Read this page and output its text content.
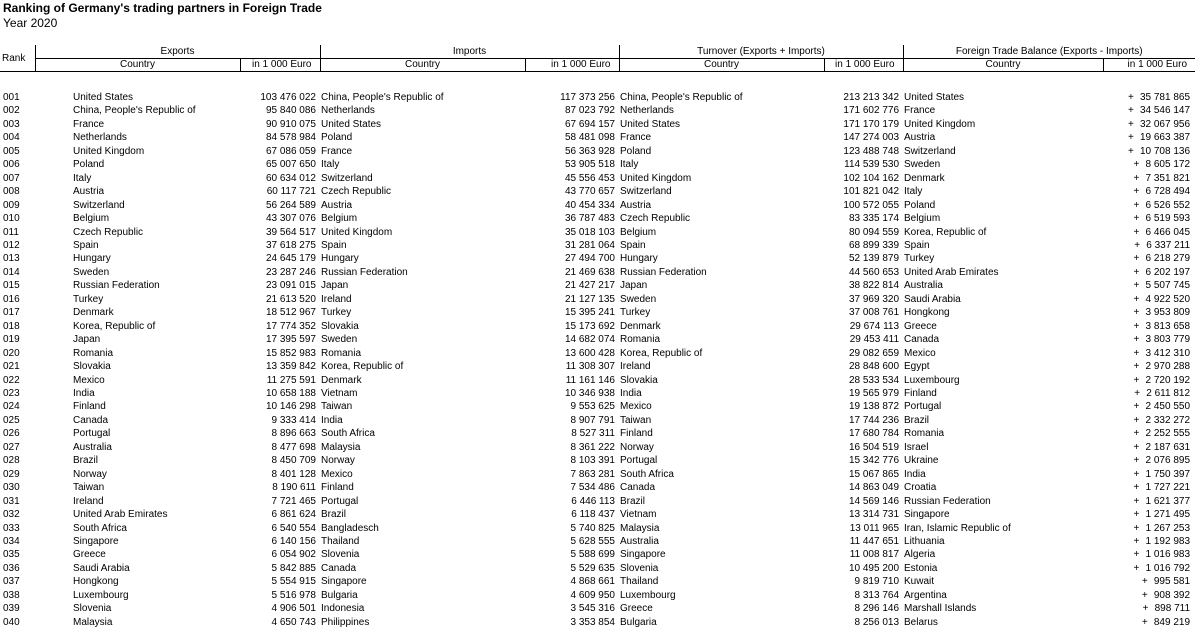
Ranking of Germany's trading partners in Foreign Trade
Year 2020
Rank	Exports		Imports		Turnover (Exports + Imports)		Foreign Trade Balance (Exports - Imports)	
	Country	in 1 000 Euro	Country	in 1 000 Euro	Country	in 1 000 Euro	Country	in 1 000 Euro

001	United States	103 476 022	China, People's Republic of	117 373 256	China, People's Republic of	213 213 342	United States	+ 35 781 865
002	China, People's Republic of	95 840 086	Netherlands	87 023 792	Netherlands	171 602 776	France	+ 34 546 147
003	France	90 910 075	United States	67 694 157	United States	171 170 179	United Kingdom	+ 32 067 956
004	Netherlands	84 578 984	Poland	58 481 098	France	147 274 003	Austria	+ 19 663 387
005	United Kingdom	67 086 059	France	56 363 928	Poland	123 488 748	Switzerland	+ 10 708 136
006	Poland	65 007 650	Italy	53 905 518	Italy	114 539 530	Sweden	+ 8 605 172
007	Italy	60 634 012	Switzerland	45 556 453	United Kingdom	102 104 162	Denmark	+ 7 351 821
008	Austria	60 117 721	Czech Republic	43 770 657	Switzerland	101 821 042	Italy	+ 6 728 494
009	Switzerland	56 264 589	Austria	40 454 334	Austria	100 572 055	Poland	+ 6 526 552
010	Belgium	43 307 076	Belgium	36 787 483	Czech Republic	83 335 174	Belgium	+ 6 519 593
011	Czech Republic	39 564 517	United Kingdom	35 018 103	Belgium	80 094 559	Korea, Republic of	+ 6 466 045
012	Spain	37 618 275	Spain	31 281 064	Spain	68 899 339	Spain	+ 6 337 211
013	Hungary	24 645 179	Hungary	27 494 700	Hungary	52 139 879	Turkey	+ 6 218 279
014	Sweden	23 287 246	Russian Federation	21 469 638	Russian Federation	44 560 653	United Arab Emirates	+ 6 202 197
015	Russian Federation	23 091 015	Japan	21 427 217	Japan	38 822 814	Australia	+ 5 507 745
016	Turkey	21 613 520	Ireland	21 127 135	Sweden	37 969 320	Saudi Arabia	+ 4 922 520
017	Denmark	18 512 967	Turkey	15 395 241	Turkey	37 008 761	Hongkong	+ 3 953 809
018	Korea, Republic of	17 774 352	Slovakia	15 173 692	Denmark	29 674 113	Greece	+ 3 813 658
019	Japan	17 395 597	Sweden	14 682 074	Romania	29 453 411	Canada	+ 3 803 779
020	Romania	15 852 983	Romania	13 600 428	Korea, Republic of	29 082 659	Mexico	+ 3 412 310
021	Slovakia	13 359 842	Korea, Republic of	11 308 307	Ireland	28 848 600	Egypt	+ 2 970 288
022	Mexico	11 275 591	Denmark	11 161 146	Slovakia	28 533 534	Luxembourg	+ 2 720 192
023	India	10 658 188	Vietnam	10 346 938	India	19 565 979	Finland	+ 2 611 812
024	Finland	10 146 298	Taiwan	9 553 625	Mexico	19 138 872	Portugal	+ 2 450 550
025	Canada	9 333 414	India	8 907 791	Taiwan	17 744 236	Brazil	+ 2 332 272
026	Portugal	8 896 663	South Africa	8 527 311	Finland	17 680 784	Romania	+ 2 252 555
027	Australia	8 477 698	Malaysia	8 361 222	Norway	16 504 519	Israel	+ 2 187 631
028	Brazil	8 450 709	Norway	8 103 391	Portugal	15 342 776	Ukraine	+ 2 076 895
029	Norway	8 401 128	Mexico	7 863 281	South Africa	15 067 865	India	+ 1 750 397
030	Taiwan	8 190 611	Finland	7 534 486	Canada	14 863 049	Croatia	+ 1 727 221
031	Ireland	7 721 465	Portugal	6 446 113	Brazil	14 569 146	Russian Federation	+ 1 621 377
032	United Arab Emirates	6 861 624	Brazil	6 118 437	Vietnam	13 314 731	Singapore	+ 1 271 495
033	South Africa	6 540 554	Bangladesch	5 740 825	Malaysia	13 011 965	Iran, Islamic Republic of	+ 1 267 253
034	Singapore	6 140 156	Thailand	5 628 555	Australia	11 447 651	Lithuania	+ 1 192 983
035	Greece	6 054 902	Slovenia	5 588 699	Singapore	11 008 817	Algeria	+ 1 016 983
036	Saudi Arabia	5 842 885	Canada	5 529 635	Slovenia	10 495 200	Estonia	+ 1 016 792
037	Hongkong	5 554 915	Singapore	4 868 661	Thailand	9 819 710	Kuwait	+ 995 581
038	Luxembourg	5 516 978	Bulgaria	4 609 950	Luxembourg	8 313 764	Argentina	+ 908 392
039	Slovenia	4 906 501	Indonesia	3 545 316	Greece	8 296 146	Marshall Islands	+ 898 711
040	Malaysia	4 650 743	Philippines	3 353 854	Bulgaria	8 256 013	Belarus	+ 849 219
